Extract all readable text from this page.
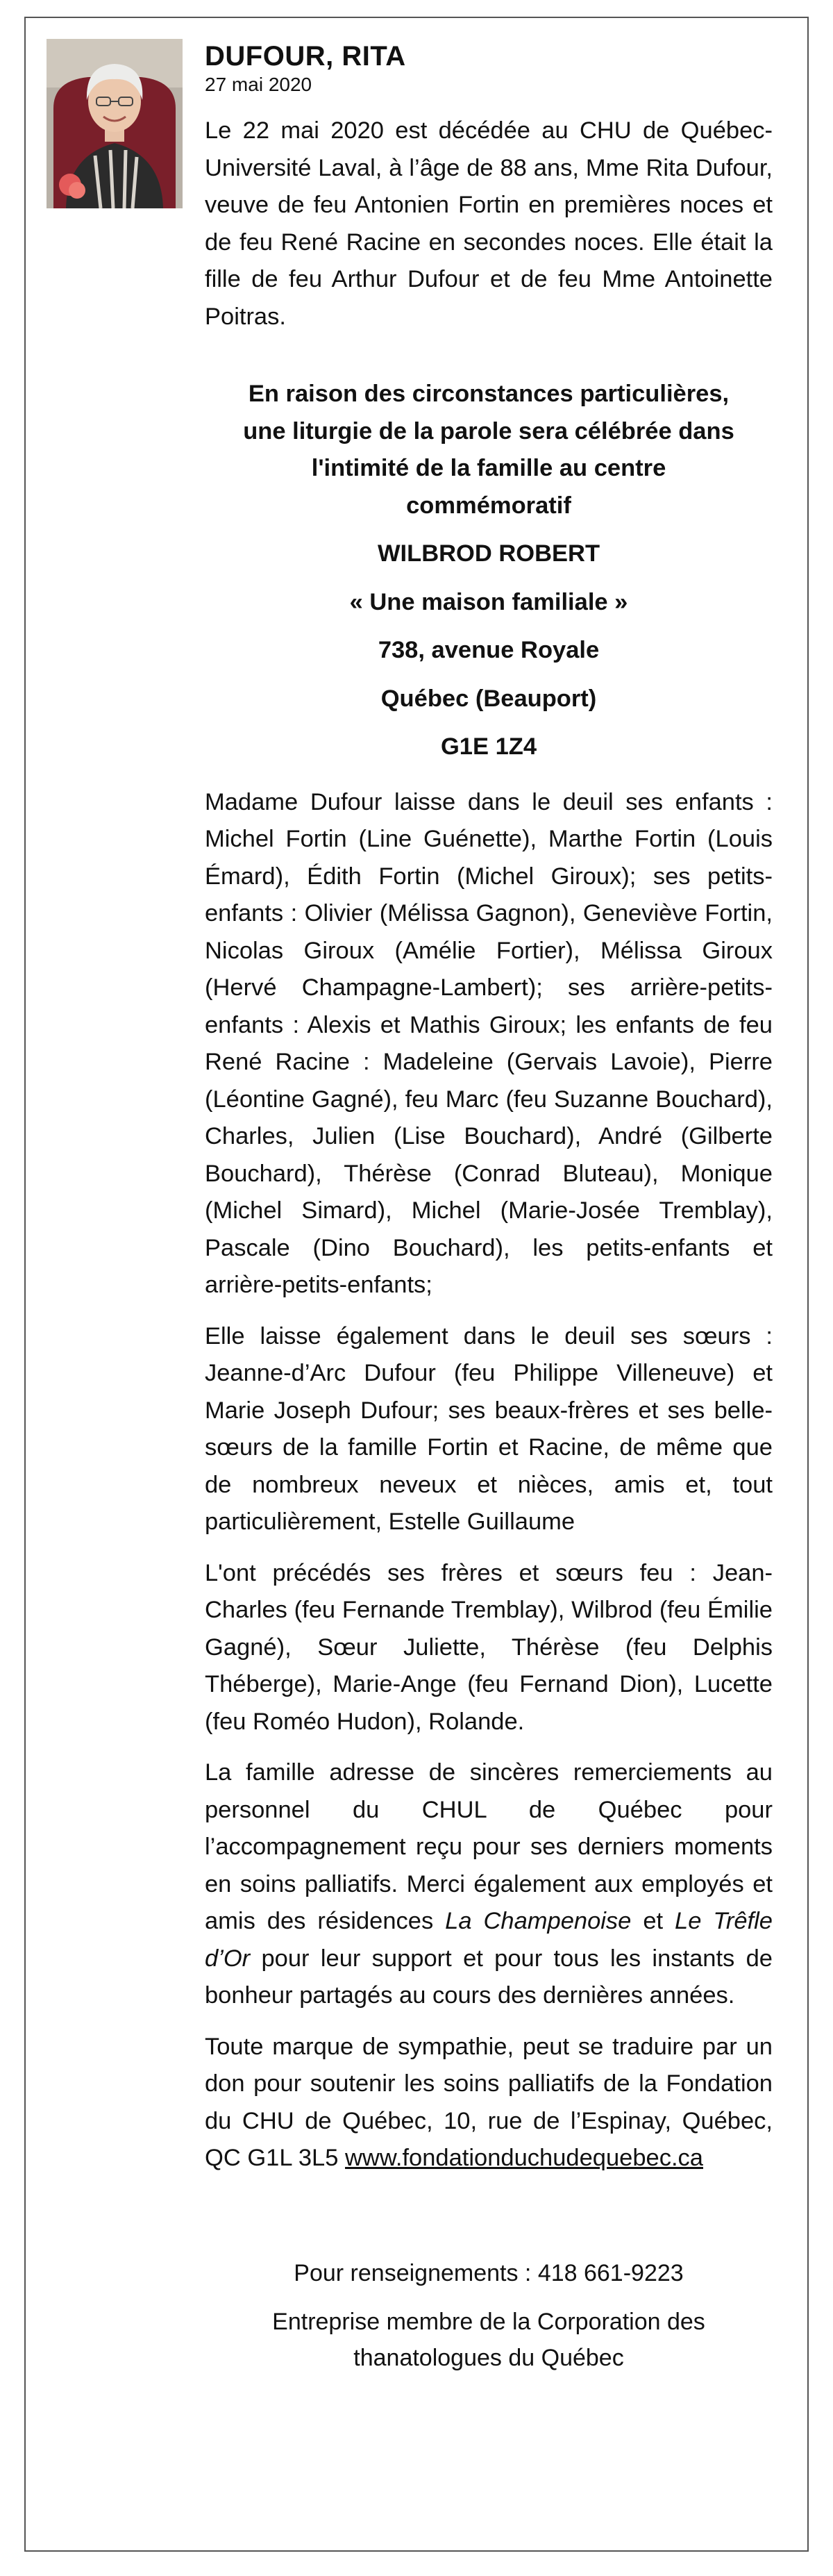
DUFOUR, RITA
27 mai 2020

Le 22 mai 2020 est décédée au CHU de Québec-Université Laval, à l’âge de 88 ans, Mme Rita Dufour, veuve de feu Antonien Fortin en premières noces et de feu René Racine en secondes noces. Elle était la fille de feu Arthur Dufour et de feu Mme Antoinette Poitras.

En raison des circonstances particulières,

une liturgie de la parole sera célébrée dans

l'intimité de la famille au centre

commémoratif

WILBROD ROBERT

« Une maison familiale »

738, avenue Royale

Québec (Beauport)

G1E 1Z4

Madame Dufour laisse dans le deuil ses enfants : Michel Fortin (Line Guénette), Marthe Fortin (Louis Émard), Édith Fortin (Michel Giroux); ses petits-enfants : Olivier (Mélissa Gagnon), Geneviève Fortin, Nicolas Giroux (Amélie Fortier), Mélissa Giroux (Hervé Champagne-Lambert); ses arrière-petits-enfants : Alexis et Mathis Giroux; les enfants de feu René Racine : Madeleine (Gervais Lavoie), Pierre (Léontine Gagné), feu Marc (feu Suzanne Bouchard), Charles, Julien (Lise Bouchard), André (Gilberte Bouchard), Thérèse (Conrad Bluteau), Monique (Michel Simard), Michel (Marie-Josée Tremblay), Pascale (Dino Bouchard), les petits-enfants et arrière-petits-enfants;

Elle laisse également dans le deuil ses sœurs : Jeanne-d’Arc Dufour (feu Philippe Villeneuve) et Marie Joseph Dufour; ses beaux-frères et ses belle-sœurs de la famille Fortin et Racine, de même que de nombreux neveux et nièces, amis et, tout particulièrement, Estelle Guillaume

L'ont précédés ses frères et sœurs feu : Jean-Charles (feu Fernande Tremblay), Wilbrod (feu Émilie Gagné), Sœur Juliette, Thérèse (feu Delphis Théberge), Marie-Ange (feu Fernand Dion), Lucette (feu Roméo Hudon), Rolande.

La famille adresse de sincères remerciements au personnel du CHUL de Québec pour l’accompagnement reçu pour ses derniers moments en soins palliatifs. Merci également aux employés et amis des résidences La Champenoise et Le Trêfle d’Or pour leur support et pour tous les instants de bonheur partagés au cours des dernières années.

Toute marque de sympathie, peut se traduire par un don pour soutenir les soins palliatifs de la Fondation du CHU de Québec, 10, rue de l’Espinay, Québec, QC G1L 3L5 www.fondationduchudequebec.ca

Pour renseignements : 418 661-9223

Entreprise membre de la Corporation des

thanatologues du Québec
